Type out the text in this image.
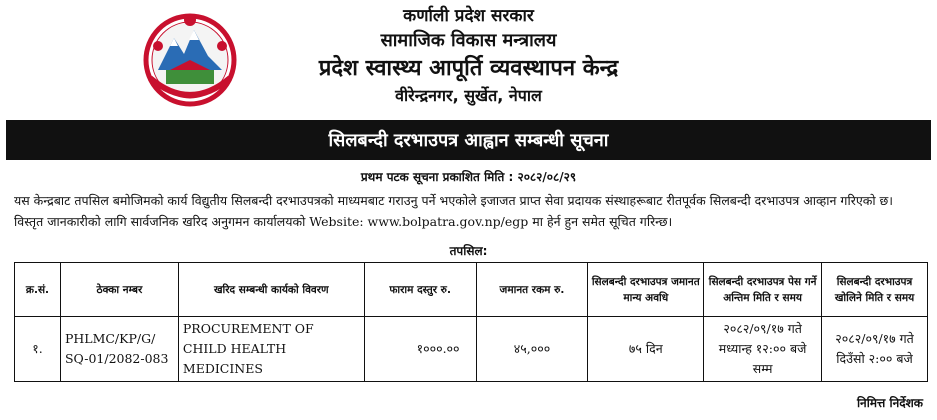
कर्णाली प्रदेश सरकार
सामाजिक विकास मन्त्रालय
प्रदेश स्वास्थ्य आपूर्ति व्यवस्थापन केन्द्र
वीरेन्द्रनगर, सुर्खेत, नेपाल
सिलबन्दी दरभाउपत्र आह्वान सम्बन्धी सूचना
प्रथम पटक सूचना प्रकाशित मिति : २०८२/०८/२९
यस केन्द्रबाट तपसिल बमोजिमको कार्य विद्युतीय सिलबन्दी दरभाउपत्रको माध्यमबाट गराउनु पर्ने भएकोले इजाजत प्राप्त सेवा प्रदायक संस्थाहरूबाट रीतपूर्वक सिलबन्दी दरभाउपत्र आव्हान गरिएको छ। विस्तृत जानकारीको लागि सार्वजनिक खरिद अनुगमन कार्यालयको Website: www.bolpatra.gov.np/egp मा हेर्न हुन समेत सूचित गरिन्छ।
तपसिल:
क्र.सं.	ठेक्का नम्बर	खरिद सम्बन्धी कार्यको विवरण	फाराम दस्तुर रु.	जमानत रकम रु.	सिलबन्दी दरभाउपत्र जमानत मान्य अवधि	सिलबन्दी दरभाउपत्र पेस गर्ने अन्तिम मिति र समय	सिलबन्दी दरभाउपत्र खोलिने मिति र समय
१.	PHLMC/KP/G/ SQ-01/2082-083	PROCUREMENT OF CHILD HEALTH MEDICINES	१०००.००	४५,०००	७५ दिन	२०८२/०९/१७ गते मध्यान्ह १२:०० बजे सम्म	२०८२/०९/१७ गते दिउँसो २:०० बजे
निमित्त निर्देशक
